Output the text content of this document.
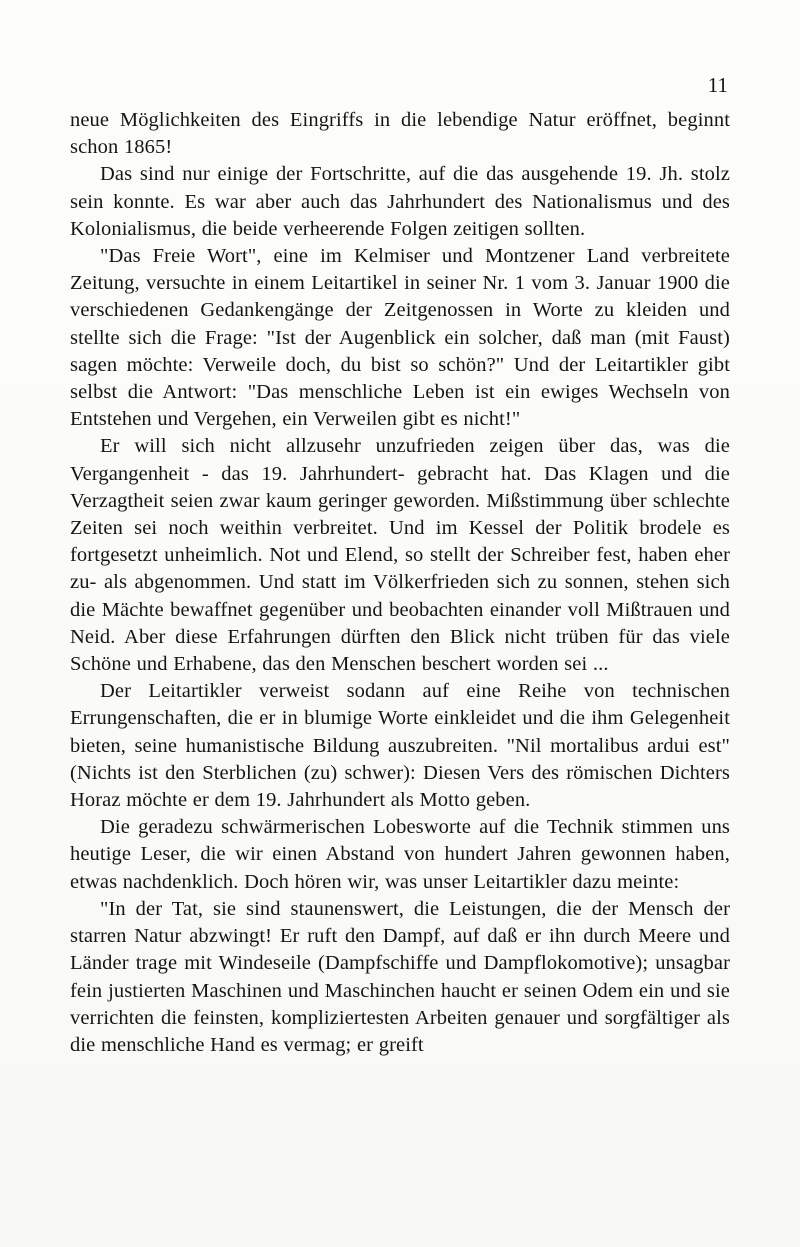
11

neue Möglichkeiten des Eingriffs in die lebendige Natur eröffnet, beginnt schon 1865!

Das sind nur einige der Fortschritte, auf die das ausgehende 19. Jh. stolz sein konnte. Es war aber auch das Jahrhundert des Nationalismus und des Kolonialismus, die beide verheerende Folgen zeitigen sollten.

"Das Freie Wort", eine im Kelmiser und Montzener Land verbreitete Zeitung, versuchte in einem Leitartikel in seiner Nr. 1 vom 3. Januar 1900 die verschiedenen Gedankengänge der Zeitgenossen in Worte zu kleiden und stellte sich die Frage: "Ist der Augenblick ein solcher, daß man (mit Faust) sagen möchte: Verweile doch, du bist so schön?" Und der Leitartikler gibt selbst die Antwort: "Das menschliche Leben ist ein ewiges Wechseln von Entstehen und Vergehen, ein Verweilen gibt es nicht!"

Er will sich nicht allzusehr unzufrieden zeigen über das, was die Vergangenheit - das 19. Jahrhundert- gebracht hat. Das Klagen und die Verzagtheit seien zwar kaum geringer geworden. Mißstimmung über schlechte Zeiten sei noch weithin verbreitet. Und im Kessel der Politik brodele es fortgesetzt unheimlich. Not und Elend, so stellt der Schreiber fest, haben eher zu- als abgenommen. Und statt im Völkerfrieden sich zu sonnen, stehen sich die Mächte bewaffnet gegenüber und beobachten einander voll Mißtrauen und Neid. Aber diese Erfahrungen dürften den Blick nicht trüben für das viele Schöne und Erhabene, das den Menschen beschert worden sei ...

Der Leitartikler verweist sodann auf eine Reihe von technischen Errungenschaften, die er in blumige Worte einkleidet und die ihm Gelegenheit bieten, seine humanistische Bildung auszubreiten. "Nil mortalibus ardui est" (Nichts ist den Sterblichen (zu) schwer): Diesen Vers des römischen Dichters Horaz möchte er dem 19. Jahrhundert als Motto geben.

Die geradezu schwärmerischen Lobesworte auf die Technik stimmen uns heutige Leser, die wir einen Abstand von hundert Jahren gewonnen haben, etwas nachdenklich. Doch hören wir, was unser Leitartikler dazu meinte:

"In der Tat, sie sind staunenswert, die Leistungen, die der Mensch der starren Natur abzwingt! Er ruft den Dampf, auf daß er ihn durch Meere und Länder trage mit Windeseile (Dampfschiffe und Dampflokomotive); unsagbar fein justierten Maschinen und Maschinchen haucht er seinen Odem ein und sie verrichten die feinsten, kompliziertesten Arbeiten genauer und sorgfältiger als die menschliche Hand es vermag; er greift
